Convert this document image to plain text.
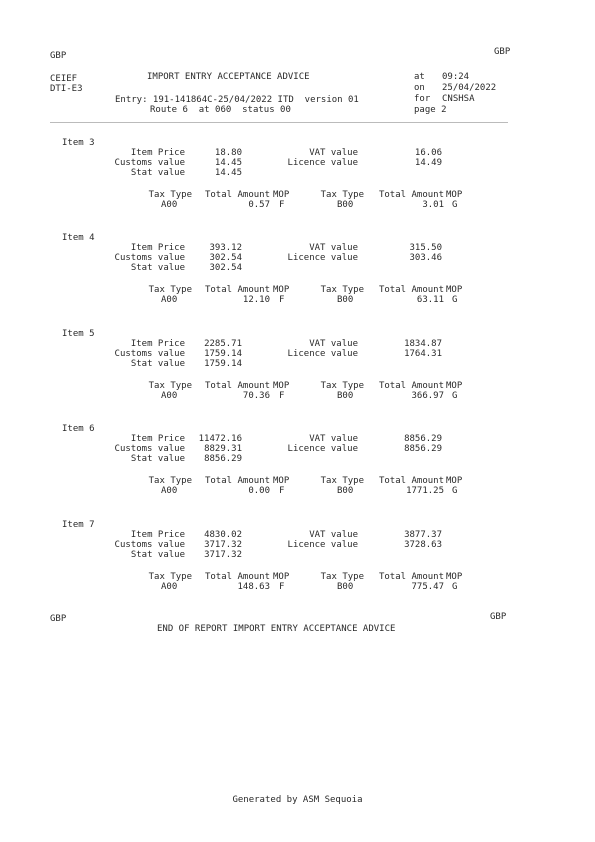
GBP	GBP
CEIEF
DTI-E3
IMPORT ENTRY ACCEPTANCE ADVICE
Entry: 191-141864C-25/04/2022 ITD  version 01
Route 6  at 060  status 00
at 09:24
on 25/04/2022
for CNSHSA
page 2
Item 3
Item Price	18.80	VAT value	16.06
Customs value	14.45	Licence value	14.49
Stat value	14.45
Tax Type	Total Amount MOP	Tax Type	Total Amount MOP
A00	0.57 F	B00	3.01 G
Item 4
Item Price	393.12	VAT value	315.50
Customs value	302.54	Licence value	303.46
Stat value	302.54
Tax Type	Total Amount MOP	Tax Type	Total Amount MOP
A00	12.10 F	B00	63.11 G
Item 5
Item Price	2285.71	VAT value	1834.87
Customs value	1759.14	Licence value	1764.31
Stat value	1759.14
Tax Type	Total Amount MOP	Tax Type	Total Amount MOP
A00	70.36 F	B00	366.97 G
Item 6
Item Price	11472.16	VAT value	8856.29
Customs value	8829.31	Licence value	8856.29
Stat value	8856.29
Tax Type	Total Amount MOP	Tax Type	Total Amount MOP
A00	0.00 F	B00	1771.25 G
Item 7
Item Price	4830.02	VAT value	3877.37
Customs value	3717.32	Licence value	3728.63
Stat value	3717.32
Tax Type	Total Amount MOP	Tax Type	Total Amount MOP
A00	148.63 F	B00	775.47 G
GBP	GBP
END OF REPORT IMPORT ENTRY ACCEPTANCE ADVICE
Generated by ASM Sequoia
